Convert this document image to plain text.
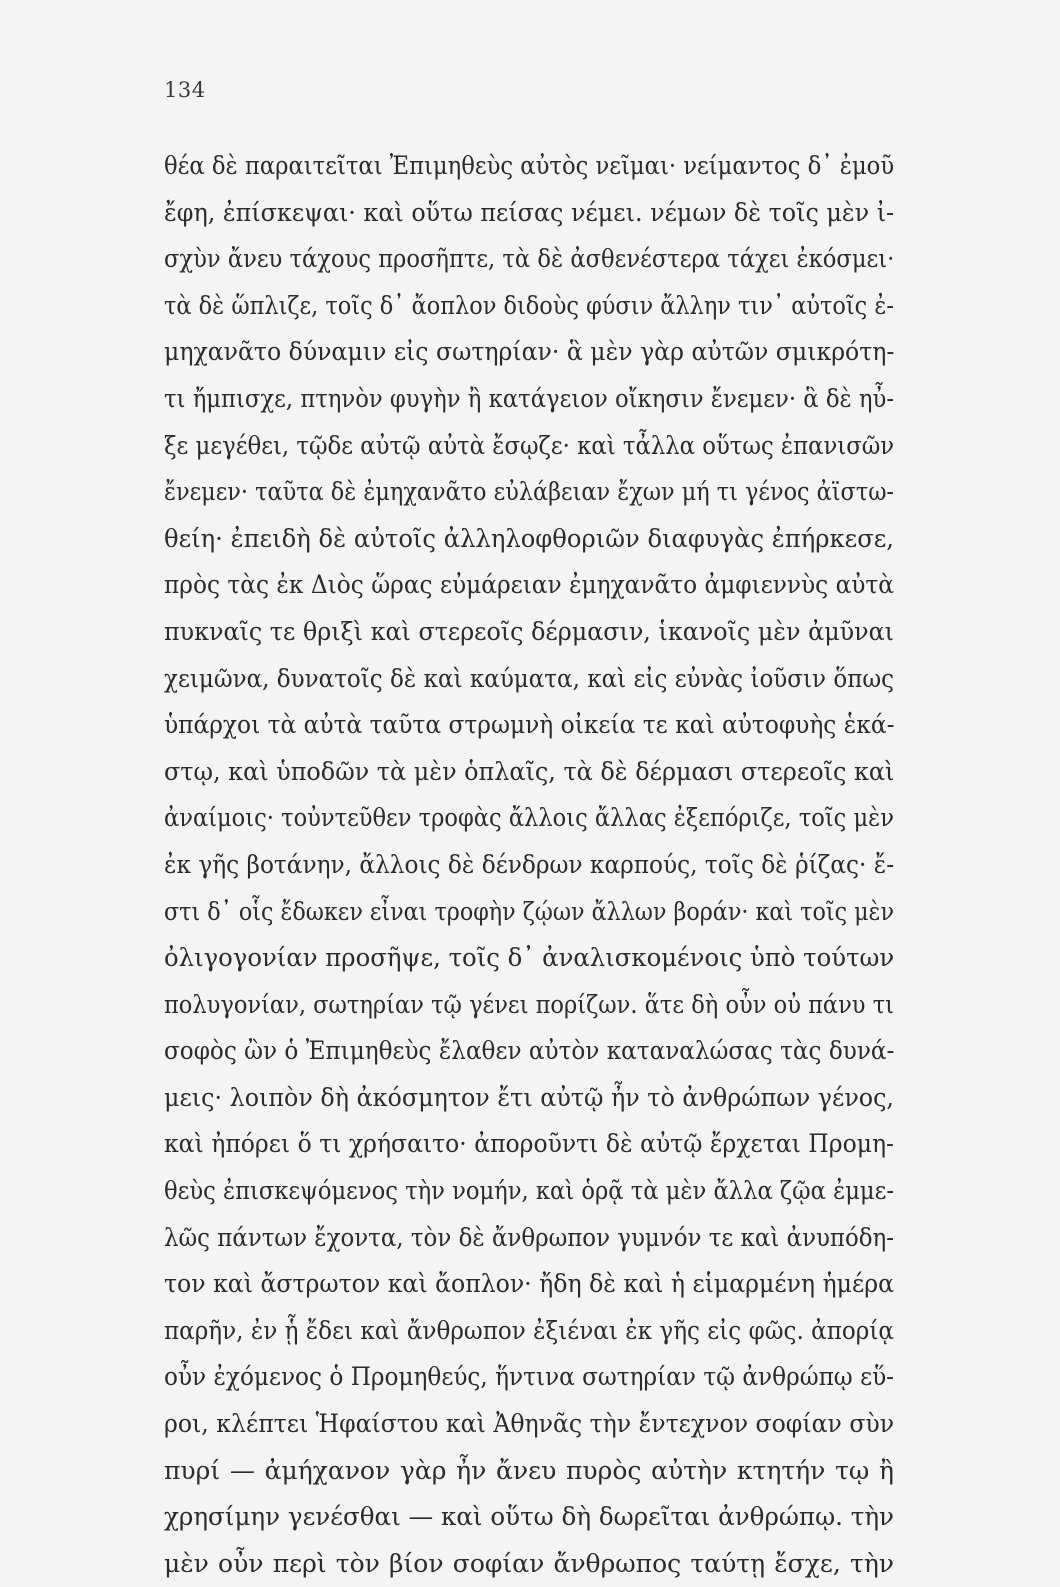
134
θέα δὲ παραιτεῖται Ἐπιμηθεὺς αὐτὸς νεῖμαι· νείμαντος δ᾽ ἐμοῦ
ἔφη, ἐπίσκεψαι· καὶ οὕτω πείσας νέμει. νέμων δὲ τοῖς μὲν ἰ-
σχὺν ἄνευ τάχους προσῆπτε, τὰ δὲ ἀσθενέστερα τάχει ἐκόσμει·
τὰ δὲ ὥπλιζε, τοῖς δ᾽ ἄοπλον διδοὺς φύσιν ἄλλην τιν᾽ αὐτοῖς ἐ-
μηχανᾶτο δύναμιν εἰς σωτηρίαν· ἃ μὲν γὰρ αὐτῶν σμικρότη-
τι ἤμπισχε, πτηνὸν φυγὴν ἢ κατάγειον οἴκησιν ἔνεμεν· ἃ δὲ ηὖ-
ξε μεγέθει, τῷδε αὐτῷ αὐτὰ ἔσῳζε· καὶ τἆλλα οὕτως ἐπανισῶν
ἔνεμεν· ταῦτα δὲ ἐμηχανᾶτο εὐλάβειαν ἔχων μή τι γένος ἀϊστω-
θείη· ἐπειδὴ δὲ αὐτοῖς ἀλληλοφθοριῶν διαφυγὰς ἐπήρκεσε,
πρὸς τὰς ἐκ Διὸς ὥρας εὐμάρειαν ἐμηχανᾶτο ἀμφιεννὺς αὐτὰ
πυκναῖς τε θριξὶ καὶ στερεοῖς δέρμασιν, ἱκανοῖς μὲν ἀμῦναι
χειμῶνα, δυνατοῖς δὲ καὶ καύματα, καὶ εἰς εὐνὰς ἰοῦσιν ὅπως
ὑπάρχοι τὰ αὐτὰ ταῦτα στρωμνὴ οἰκεία τε καὶ αὐτοφυὴς ἑκά-
στῳ, καὶ ὑποδῶν τὰ μὲν ὁπλαῖς, τὰ δὲ δέρμασι στερεοῖς καὶ
ἀναίμοις· τοὐντεῦθεν τροφὰς ἄλλοις ἄλλας ἐξεπόριζε, τοῖς μὲν
ἐκ γῆς βοτάνην, ἄλλοις δὲ δένδρων καρπούς, τοῖς δὲ ῥίζας· ἔ-
στι δ᾽ οἷς ἔδωκεν εἶναι τροφὴν ζῴων ἄλλων βοράν· καὶ τοῖς μὲν
ὀλιγογονίαν προσῆψε, τοῖς δ᾽ ἀναλισκομένοις ὑπὸ τούτων
πολυγονίαν, σωτηρίαν τῷ γένει πορίζων. ἅτε δὴ οὖν οὐ πάνυ τι
σοφὸς ὢν ὁ Ἐπιμηθεὺς ἔλαθεν αὐτὸν καταναλώσας τὰς δυνά-
μεις· λοιπὸν δὴ ἀκόσμητον ἔτι αὐτῷ ἦν τὸ ἀνθρώπων γένος,
καὶ ἠπόρει ὅ τι χρήσαιτο· ἀποροῦντι δὲ αὐτῷ ἔρχεται Προμη-
θεὺς ἐπισκεψόμενος τὴν νομήν, καὶ ὁρᾷ τὰ μὲν ἄλλα ζῷα ἐμμε-
λῶς πάντων ἔχοντα, τὸν δὲ ἄνθρωπον γυμνόν τε καὶ ἀνυπόδη-
τον καὶ ἄστρωτον καὶ ἄοπλον· ἤδη δὲ καὶ ἡ εἱμαρμένη ἡμέρα
παρῆν, ἐν ᾗ ἔδει καὶ ἄνθρωπον ἐξιέναι ἐκ γῆς εἰς φῶς. ἀπορίᾳ
οὖν ἐχόμενος ὁ Προμηθεύς, ἥντινα σωτηρίαν τῷ ἀνθρώπῳ εὕ-
ροι, κλέπτει Ἡφαίστου καὶ Ἀθηνᾶς τὴν ἔντεχνον σοφίαν σὺν
πυρί — ἀμήχανον γὰρ ἦν ἄνευ πυρὸς αὐτὴν κτητήν τῳ ἢ
χρησίμην γενέσθαι — καὶ οὕτω δὴ δωρεῖται ἀνθρώπῳ. τὴν
μὲν οὖν περὶ τὸν βίον σοφίαν ἄνθρωπος ταύτῃ ἔσχε, τὴν
